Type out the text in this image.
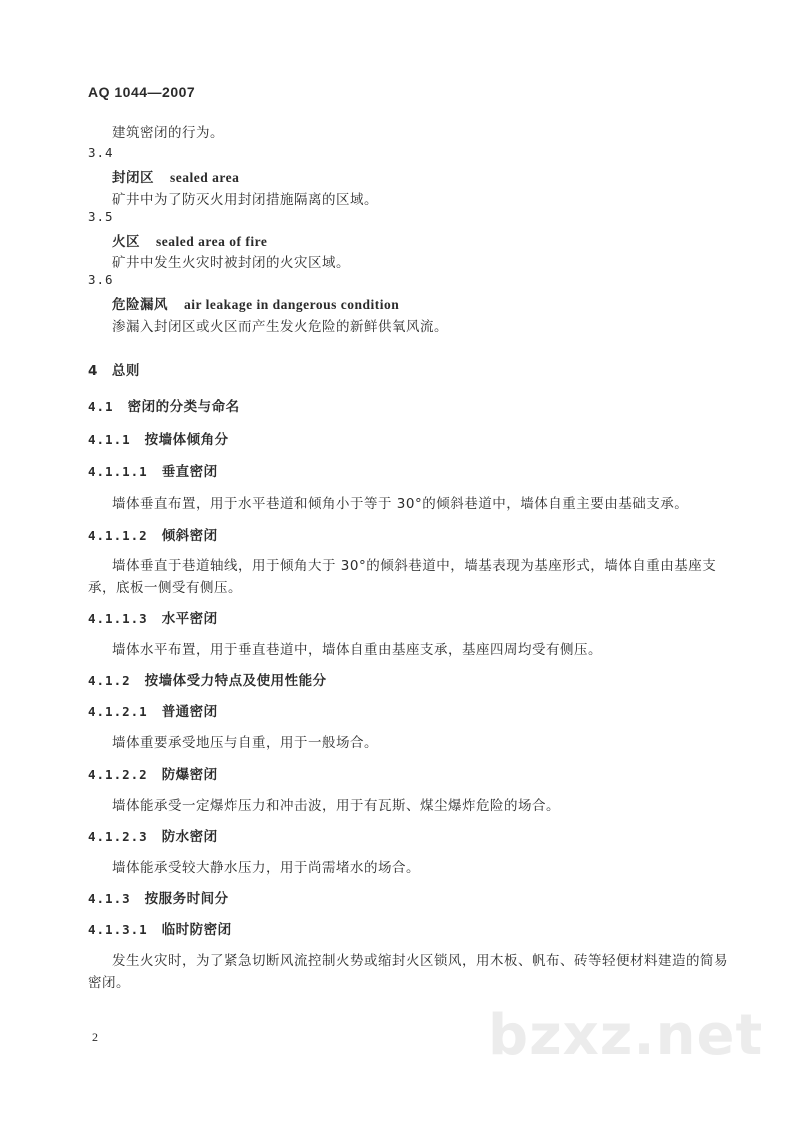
AQ 1044—2007
建筑密闭的行为。
3.4
封闭区 sealed area
矿井中为了防灭火用封闭措施隔离的区域。
3.5
火区 sealed area of fire
矿井中发生火灾时被封闭的火灾区域。
3.6
危险漏风 air leakage in dangerous condition
渗漏入封闭区或火区而产生发火危险的新鲜供氧风流。
4 总则
4.1 密闭的分类与命名
4.1.1 按墙体倾角分
4.1.1.1 垂直密闭
墙体垂直布置，用于水平巷道和倾角小于等于 30°的倾斜巷道中，墙体自重主要由基础支承。
4.1.1.2 倾斜密闭
墙体垂直于巷道轴线，用于倾角大于 30°的倾斜巷道中，墙基表现为基座形式，墙体自重由基座支
承，底板一侧受有侧压。
4.1.1.3 水平密闭
墙体水平布置，用于垂直巷道中，墙体自重由基座支承，基座四周均受有侧压。
4.1.2 按墙体受力特点及使用性能分
4.1.2.1 普通密闭
墙体重要承受地压与自重，用于一般场合。
4.1.2.2 防爆密闭
墙体能承受一定爆炸压力和冲击波，用于有瓦斯、煤尘爆炸危险的场合。
4.1.2.3 防水密闭
墙体能承受较大静水压力，用于尚需堵水的场合。
4.1.3 按服务时间分
4.1.3.1 临时防密闭
发生火灾时，为了紧急切断风流控制火势或缩封火区锁风，用木板、帆布、砖等轻便材料建造的简易
密闭。
bzxz.net
2
